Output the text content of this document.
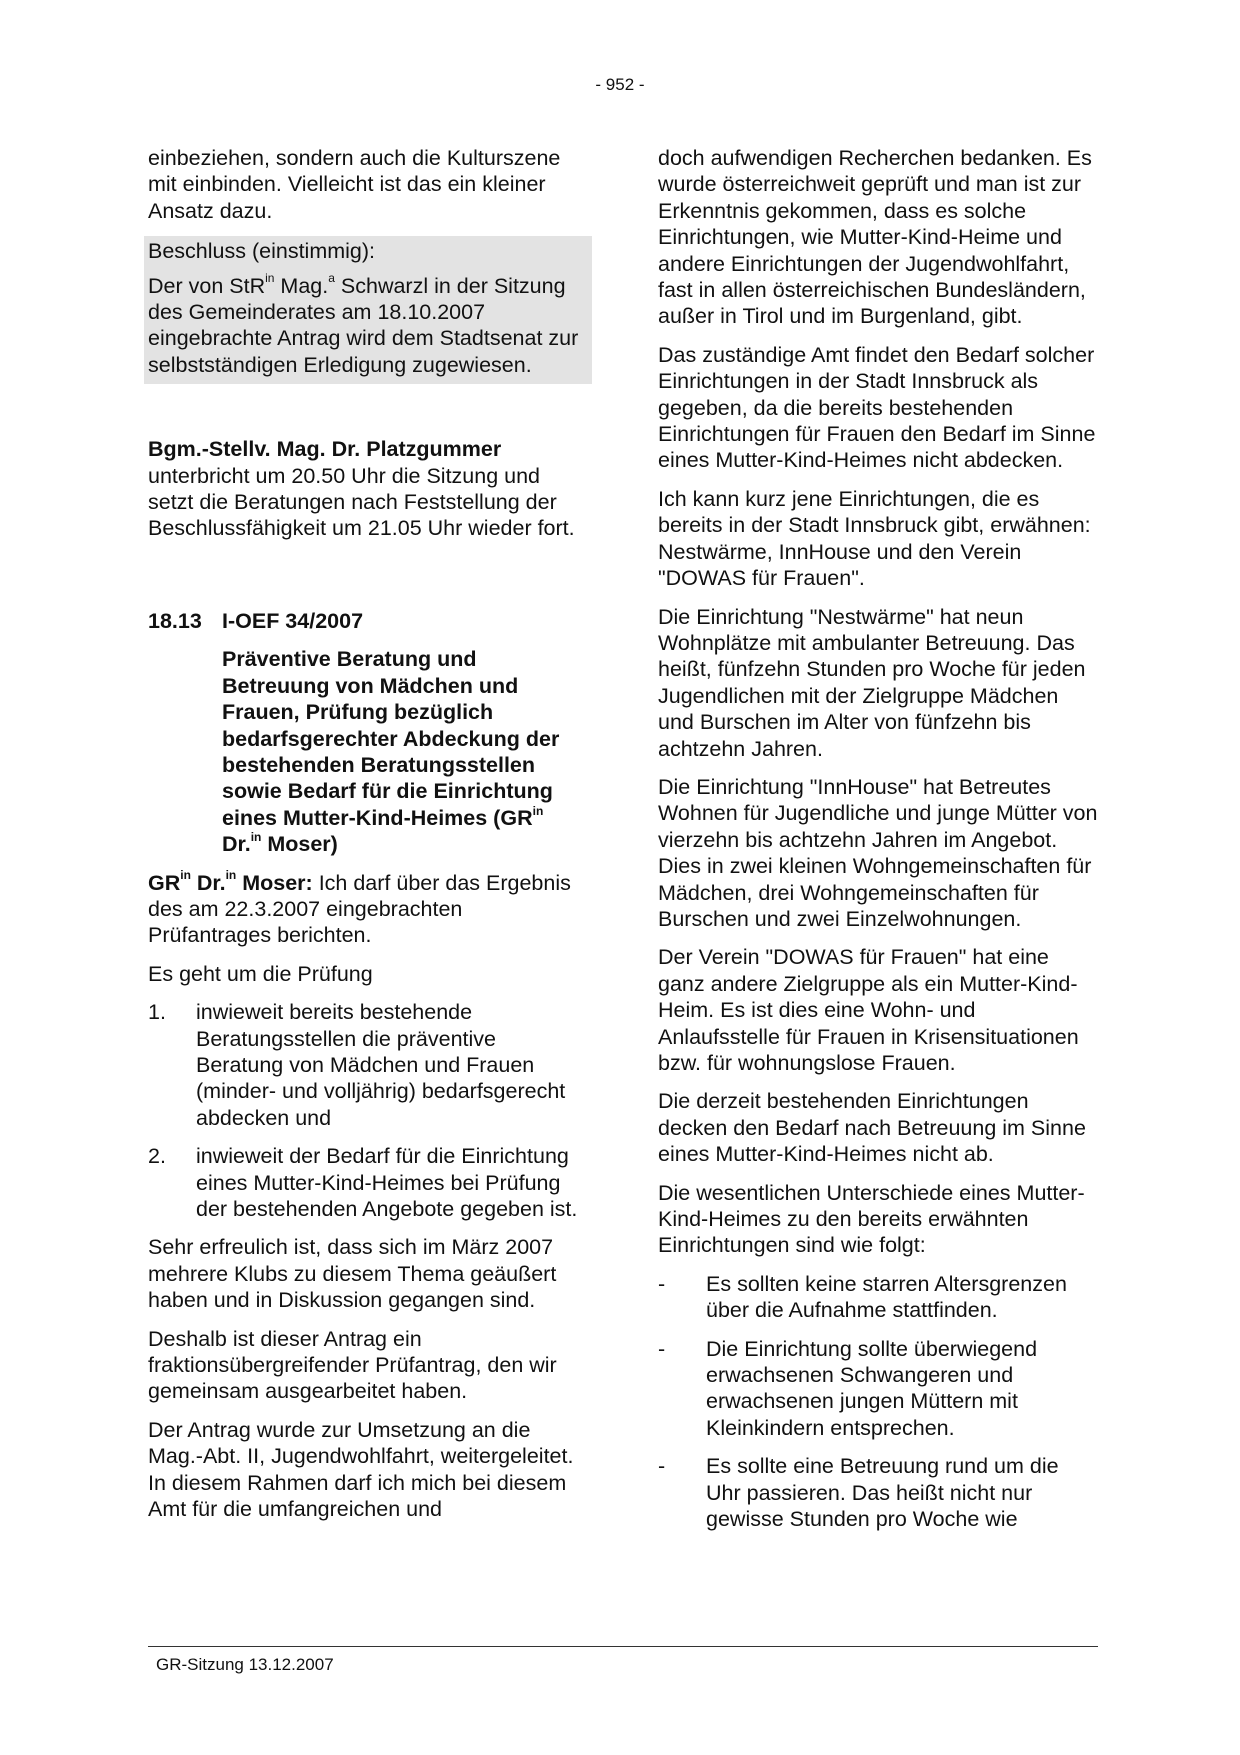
- 952 -

einbeziehen, sondern auch die Kulturszene mit einbinden. Vielleicht ist das ein kleiner Ansatz dazu.

Beschluss (einstimmig):

Der von StR$^{in}$ Mag.$^a$ Schwarzl in der Sitzung des Gemeinderates am 18.10.2007 eingebrachte Antrag wird dem Stadtsenat zur selbstständigen Erledigung zugewiesen.

Bgm.-Stellv. Mag. Dr. Platzgummer unterbricht um 20.50 Uhr die Sitzung und setzt die Beratungen nach Feststellung der Beschlussfähigkeit um 21.05 Uhr wieder fort.

18.13 I-OEF 34/2007

Präventive Beratung und Betreuung von Mädchen und Frauen, Prüfung bezüglich bedarfsgerechter Abdeckung der bestehenden Beratungsstellen sowie Bedarf für die Einrichtung eines Mutter-Kind-Heimes ($GR^{in}$ Dr.$^{in}$ Moser)

$GR^{in}$ Dr.$^{in}$ Moser: Ich darf über das Ergebnis des am 22.3.2007 eingebrachten Prüfantrages berichten.

Es geht um die Prüfung

1.	inwieweit bereits bestehende Beratungsstellen die präventive Beratung von Mädchen und Frauen (minder- und volljährig) bedarfsgerecht abdecken und
2.	inwieweit der Bedarf für die Einrichtung eines Mutter-Kind-Heimes bei Prüfung der bestehenden Angebote gegeben ist.

Sehr erfreulich ist, dass sich im März 2007 mehrere Klubs zu diesem Thema geäußert haben und in Diskussion gegangen sind.

Deshalb ist dieser Antrag ein fraktionsübergreifender Prüfantrag, den wir gemeinsam ausgearbeitet haben.

Der Antrag wurde zur Umsetzung an die Mag.-Abt. II, Jugendwohlfahrt, weitergeleitet. In diesem Rahmen darf ich mich bei diesem Amt für die umfangreichen und

doch aufwendigen Recherchen bedanken. Es wurde österreichweit geprüft und man ist zur Erkenntnis gekommen, dass es solche Einrichtungen, wie Mutter-Kind-Heime und andere Einrichtungen der Jugendwohlfahrt, fast in allen österreichischen Bundesländern, außer in Tirol und im Burgenland, gibt.

Das zuständige Amt findet den Bedarf solcher Einrichtungen in der Stadt Innsbruck als gegeben, da die bereits bestehenden Einrichtungen für Frauen den Bedarf im Sinne eines Mutter-Kind-Heimes nicht abdecken.

Ich kann kurz jene Einrichtungen, die es bereits in der Stadt Innsbruck gibt, erwähnen: Nestwärme, InnHouse und den Verein "DOWAS für Frauen".

Die Einrichtung "Nestwärme" hat neun Wohnplätze mit ambulanter Betreuung. Das heißt, fünfzehn Stunden pro Woche für jeden Jugendlichen mit der Zielgruppe Mädchen und Burschen im Alter von fünfzehn bis achtzehn Jahren.

Die Einrichtung "InnHouse" hat Betreutes Wohnen für Jugendliche und junge Mütter von vierzehn bis achtzehn Jahren im Angebot. Dies in zwei kleinen Wohngemeinschaften für Mädchen, drei Wohngemeinschaften für Burschen und zwei Einzelwohnungen.

Der Verein "DOWAS für Frauen" hat eine ganz andere Zielgruppe als ein Mutter-Kind-Heim. Es ist dies eine Wohn- und Anlaufsstelle für Frauen in Krisensituationen bzw. für wohnungslose Frauen.

Die derzeit bestehenden Einrichtungen decken den Bedarf nach Betreuung im Sinne eines Mutter-Kind-Heimes nicht ab.

Die wesentlichen Unterschiede eines Mutter-Kind-Heimes zu den bereits erwähnten Einrichtungen sind wie folgt:

-	Es sollten keine starren Altersgrenzen über die Aufnahme stattfinden.
-	Die Einrichtung sollte überwiegend erwachsenen Schwangeren und erwachsenen jungen Müttern mit Kleinkindern entsprechen.
-	Es sollte eine Betreuung rund um die Uhr passieren. Das heißt nicht nur gewisse Stunden pro Woche wie
GR-Sitzung 13.12.2007
